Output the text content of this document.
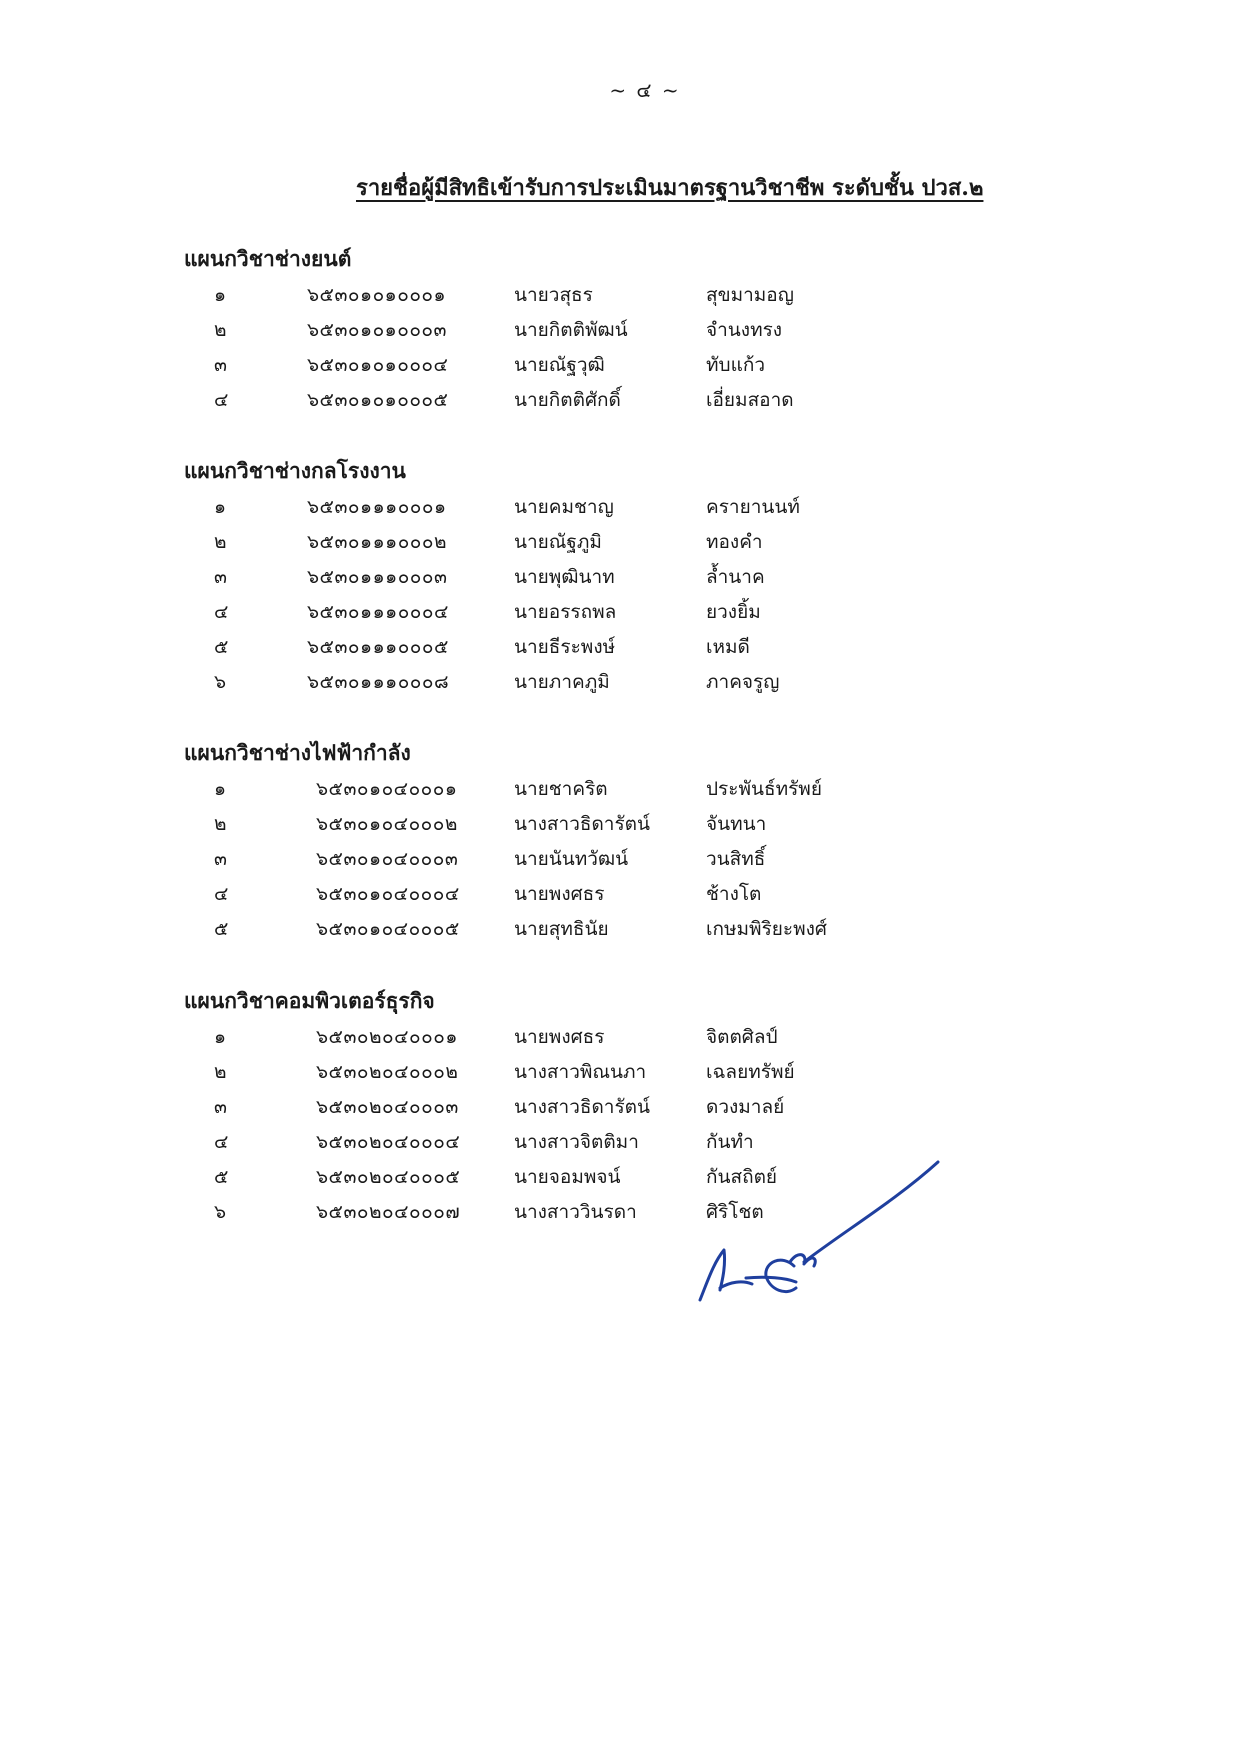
~ ๔ ~
รายชื่อผู้มีสิทธิเข้ารับการประเมินมาตรฐานวิชาชีพ ระดับชั้น ปวส.๒
แผนกวิชาช่างยนต์
๑	๖๕๓๐๑๐๑๐๐๐๑	นายวสุธร	สุขมามอญ
๒	๖๕๓๐๑๐๑๐๐๐๓	นายกิตติพัฒน์	จำนงทรง
๓	๖๕๓๐๑๐๑๐๐๐๔	นายณัฐวุฒิ	ทับแก้ว
๔	๖๕๓๐๑๐๑๐๐๐๕	นายกิตติศักดิ์	เอี่ยมสอาด
แผนกวิชาช่างกลโรงงาน
๑	๖๕๓๐๑๑๑๐๐๐๑	นายคมชาญ	ครายานนท์
๒	๖๕๓๐๑๑๑๐๐๐๒	นายณัฐภูมิ	ทองคำ
๓	๖๕๓๐๑๑๑๐๐๐๓	นายพุฒินาท	ล้ำนาค
๔	๖๕๓๐๑๑๑๐๐๐๔	นายอรรถพล	ยวงยิ้ม
๕	๖๕๓๐๑๑๑๐๐๐๕	นายธีระพงษ์	เหมดี
๖	๖๕๓๐๑๑๑๐๐๐๘	นายภาคภูมิ	ภาคจรูญ
แผนกวิชาช่างไฟฟ้ากำลัง
๑	๖๕๓๐๑๐๔๐๐๐๑	นายชาคริต	ประพันธ์ทรัพย์
๒	๖๕๓๐๑๐๔๐๐๐๒	นางสาวธิดารัตน์	จันทนา
๓	๖๕๓๐๑๐๔๐๐๐๓	นายนันทวัฒน์	วนสิทธิ์
๔	๖๕๓๐๑๐๔๐๐๐๔	นายพงศธร	ช้างโต
๕	๖๕๓๐๑๐๔๐๐๐๕	นายสุทธินัย	เกษมพิริยะพงศ์
แผนกวิชาคอมพิวเตอร์ธุรกิจ
๑	๖๕๓๐๒๐๔๐๐๐๑	นายพงศธร	จิตตศิลป์
๒	๖๕๓๐๒๐๔๐๐๐๒	นางสาวพิณนภา	เฉลยทรัพย์
๓	๖๕๓๐๒๐๔๐๐๐๓	นางสาวธิดารัตน์	ดวงมาลย์
๔	๖๕๓๐๒๐๔๐๐๐๔	นางสาวจิตติมา	กันทำ
๕	๖๕๓๐๒๐๔๐๐๐๕	นายจอมพจน์	กันสถิตย์
๖	๖๕๓๐๒๐๔๐๐๐๗	นางสาววินรดา	ศิริโชต
